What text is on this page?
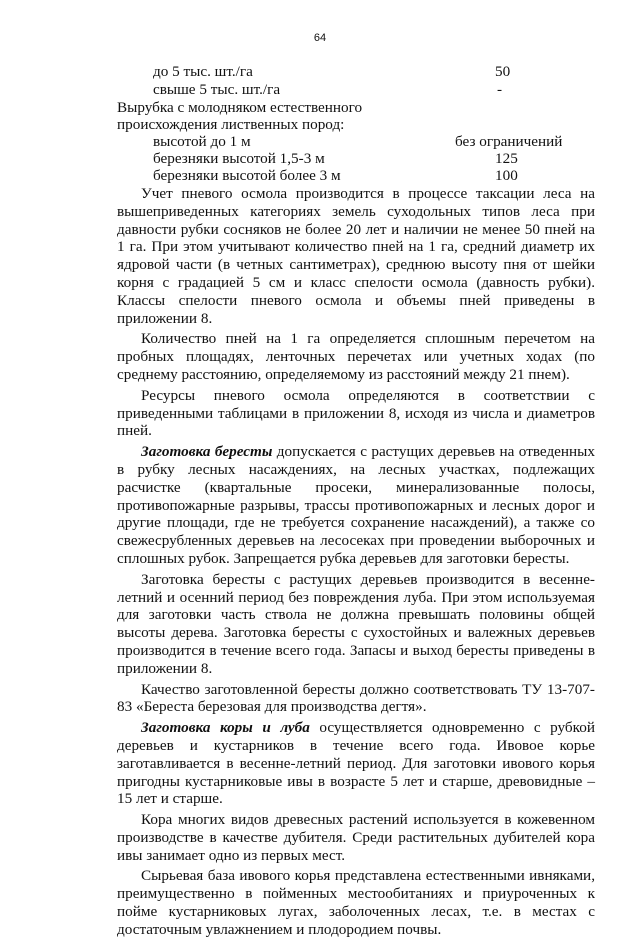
64
до 5 тыс. шт./га	50
свыше 5 тыс. шт./га	-
Вырубка с молодняком естественного
происхождения лиственных пород:
высотой до 1 м	без ограничений
березняки высотой 1,5-3 м	125
березняки высотой более 3 м	100

Учет пневого осмола производится в процессе таксации леса на вышеприведенных категориях земель суходольных типов леса при давности рубки сосняков не более 20 лет и наличии не менее 50 пней на 1 га. При этом учитывают количество пней на 1 га, средний диаметр их ядровой части (в четных сантиметрах), среднюю высоту пня от шейки корня с градацией 5 см и класс спелости осмола (давность рубки). Классы спелости пневого осмола и объемы пней приведены в приложении 8.

Количество пней на 1 га определяется сплошным перечетом на пробных площадях, ленточных перечетах или учетных ходах (по среднему расстоянию, определяемому из расстояний между 21 пнем).

Ресурсы пневого осмола определяются в соответствии с приведенными таблицами в приложении 8, исходя из числа и диаметров пней.

Заготовка бересты допускается с растущих деревьев на отведенных в рубку лесных насаждениях, на лесных участках, подлежащих расчистке (квартальные просеки, минерализованные полосы, противопожарные разрывы, трассы противопожарных и лесных дорог и другие площади, где не требуется сохранение насаждений), а также со свежесрубленных деревьев на лесосеках при проведении выборочных и сплошных рубок. Запрещается рубка деревьев для заготовки бересты.

Заготовка бересты с растущих деревьев производится в весенне-летний и осенний период без повреждения луба. При этом используемая для заготовки часть ствола не должна превышать половины общей высоты дерева. Заготовка бересты с сухостойных и валежных деревьев производится в течение всего года. Запасы и выход бересты приведены в приложении 8.

Качество заготовленной бересты должно соответствовать ТУ 13-707-83 «Береста березовая для производства дегтя».

Заготовка коры и луба осуществляется одновременно с рубкой деревьев и кустарников в течение всего года. Ивовое корье заготавливается в весенне-летний период. Для заготовки ивового корья пригодны кустарниковые ивы в возрасте 5 лет и старше, древовидные – 15 лет и старше.

Кора многих видов древесных растений используется в кожевенном производстве в качестве дубителя. Среди растительных дубителей кора ивы занимает одно из первых мест.

Сырьевая база ивового корья представлена естественными ивняками, преимущественно в пойменных местообитаниях и приуроченных к пойме кустарниковых лугах, заболоченных лесах, т.е. в местах с достаточным увлажнением и плодородием почвы.
